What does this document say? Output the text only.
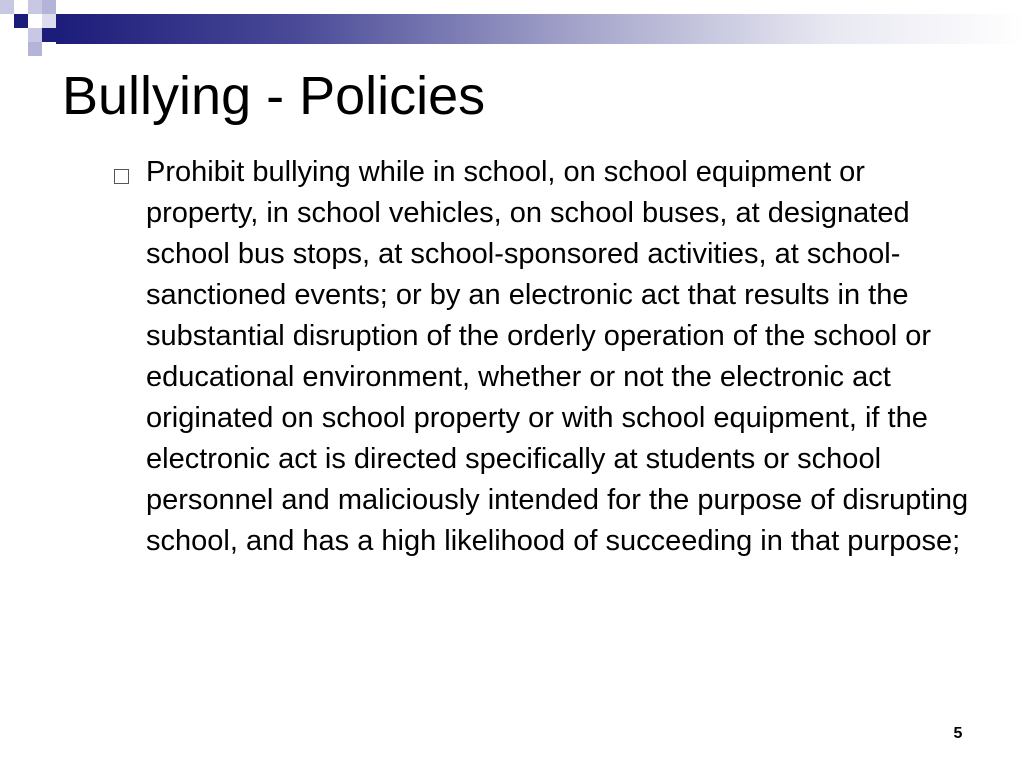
Bullying - Policies

Prohibit bullying while in school, on school equipment or property, in school vehicles, on school buses, at designated school bus stops, at school-sponsored activities, at school-sanctioned events; or by an electronic act that results in the substantial disruption of the orderly operation of the school or educational environment, whether or not the electronic act originated on school property or with school equipment, if the electronic act is directed specifically at students or school personnel and maliciously intended for the purpose of disrupting school, and has a high likelihood of succeeding in that purpose;

5
